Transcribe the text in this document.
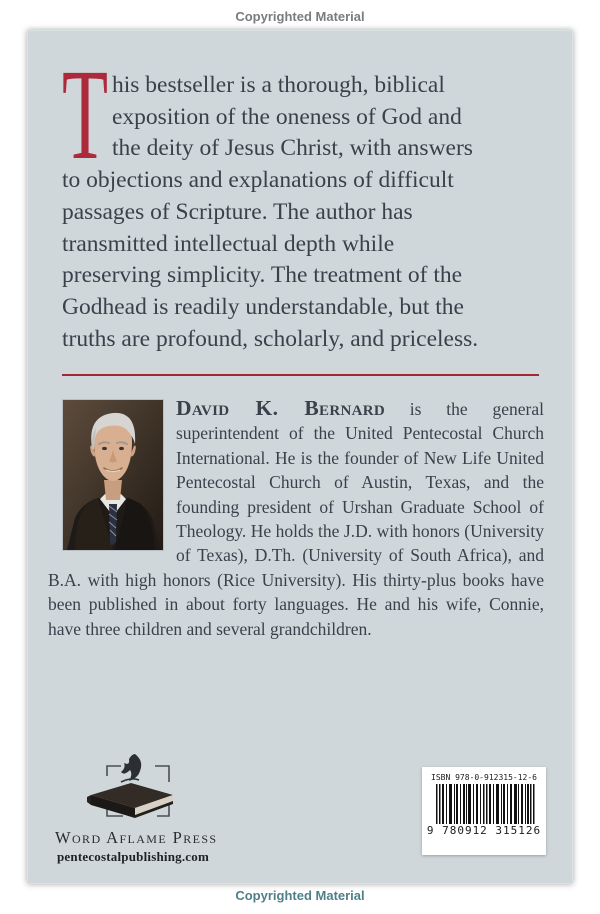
Copyrighted Material
T his bestseller is a thorough, biblical
exposition of the oneness of God and
the deity of Jesus Christ, with answers
to objections and explanations of difficult
passages of Scripture. The author has
transmitted intellectual depth while
preserving simplicity. The treatment of the
Godhead is readily understandable, but the
truths are profound, scholarly, and priceless.

David K. Bernard is the general superintendent of the United Pentecostal Church International. He is the founder of New Life United Pentecostal Church of Austin, Texas, and the founding president of Urshan Graduate School of Theology. He holds the J.D. with honors (University of Texas), D.Th. (University of South Africa), and B.A. with high honors (Rice University). His thirty-plus books have been published in about forty languages. He and his wife, Connie, have three children and several grandchildren.

Word Aflame Press
pentecostalpublishing.com
ISBN 978-0-912315-12-6
9 780912 315126
Copyrighted Material
